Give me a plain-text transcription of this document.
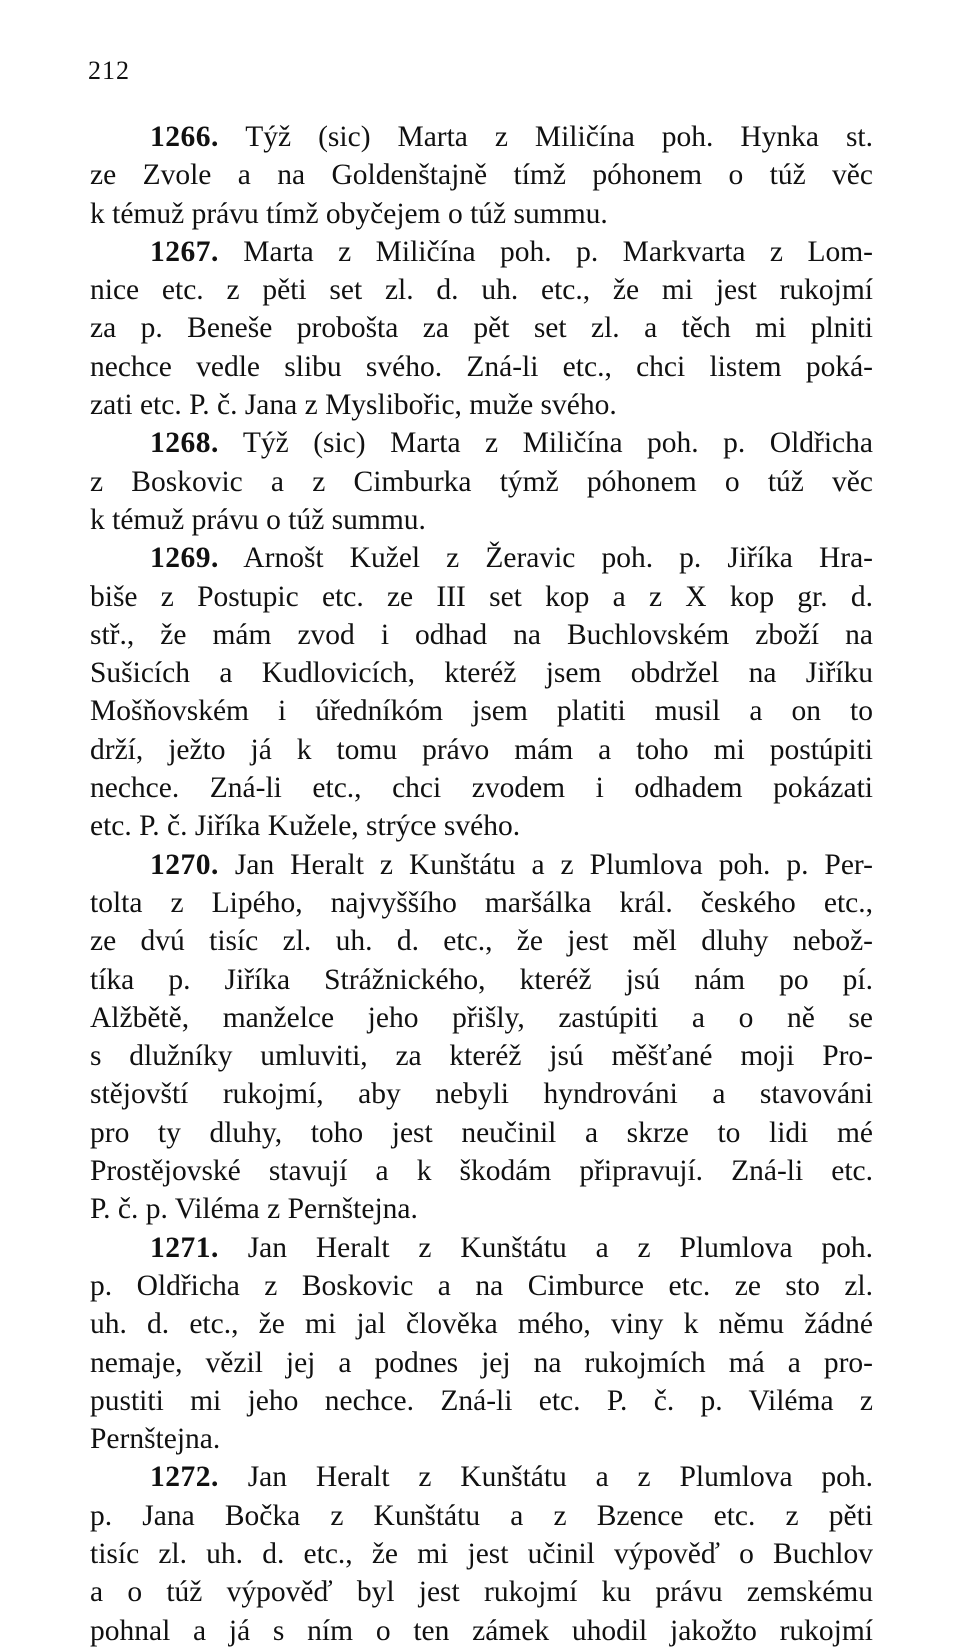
212
1266. Týž (sic) Marta z Miličína poh. Hynka st.
ze Zvole a na Goldenštajně tímž póhonem o túž věc
k témuž právu tímž obyčejem o túž summu.
1267. Marta z Miličína poh. p. Markvarta z Lom-
nice etc. z pěti set zl. d. uh. etc., že mi jest rukojmí
za p. Beneše probošta za pět set zl. a těch mi plniti
nechce vedle slibu svého. Zná-li etc., chci listem poká-
zati etc. P. č. Jana z Myslibořic, muže svého.
1268. Týž (sic) Marta z Miličína poh. p. Oldřicha
z Boskovic a z Cimburka týmž póhonem o túž věc
k témuž právu o túž summu.
1269. Arnošt Kužel z Žeravic poh. p. Jiříka Hra-
biše z Postupic etc. ze III set kop a z X kop gr. d.
stř., že mám zvod i odhad na Buchlovském zboží na
Sušicích a Kudlovicích, kteréž jsem obdržel na Jiříku
Mošňovském i úředníkóm jsem platiti musil a on to
drží, ježto já k tomu právo mám a toho mi postúpiti
nechce. Zná-li etc., chci zvodem i odhadem pokázati
etc. P. č. Jiříka Kužele, strýce svého.
1270. Jan Heralt z Kunštátu a z Plumlova poh. p. Per-
tolta z Lipého, najvyššího maršálka král. českého etc.,
ze dvú tisíc zl. uh. d. etc., že jest měl dluhy nebož-
tíka p. Jiříka Strážnického, kteréž jsú nám po pí.
Alžbětě, manželce jeho přišly, zastúpiti a o ně se
s dlužníky umluviti, za kteréž jsú měšťané moji Pro-
stějovští rukojmí, aby nebyli hyndrováni a stavováni
pro ty dluhy, toho jest neučinil a skrze to lidi mé
Prostějovské stavují a k škodám připravují. Zná-li etc.
P. č. p. Viléma z Pernštejna.
1271. Jan Heralt z Kunštátu a z Plumlova poh.
p. Oldřicha z Boskovic a na Cimburce etc. ze sto zl.
uh. d. etc., že mi jal člověka mého, viny k němu žádné
nemaje, vězil jej a podnes jej na rukojmích má a pro-
pustiti mi jeho nechce. Zná-li etc. P. č. p. Viléma z
Pernštejna.
1272. Jan Heralt z Kunštátu a z Plumlova poh.
p. Jana Bočka z Kunštátu a z Bzence etc. z pěti
tisíc zl. uh. d. etc., že mi jest učinil výpověď o Buchlov
a o túž výpověď byl jest rukojmí ku právu zemskému
pohnal a já s ním o ten zámek uhodil jakožto rukojmí
